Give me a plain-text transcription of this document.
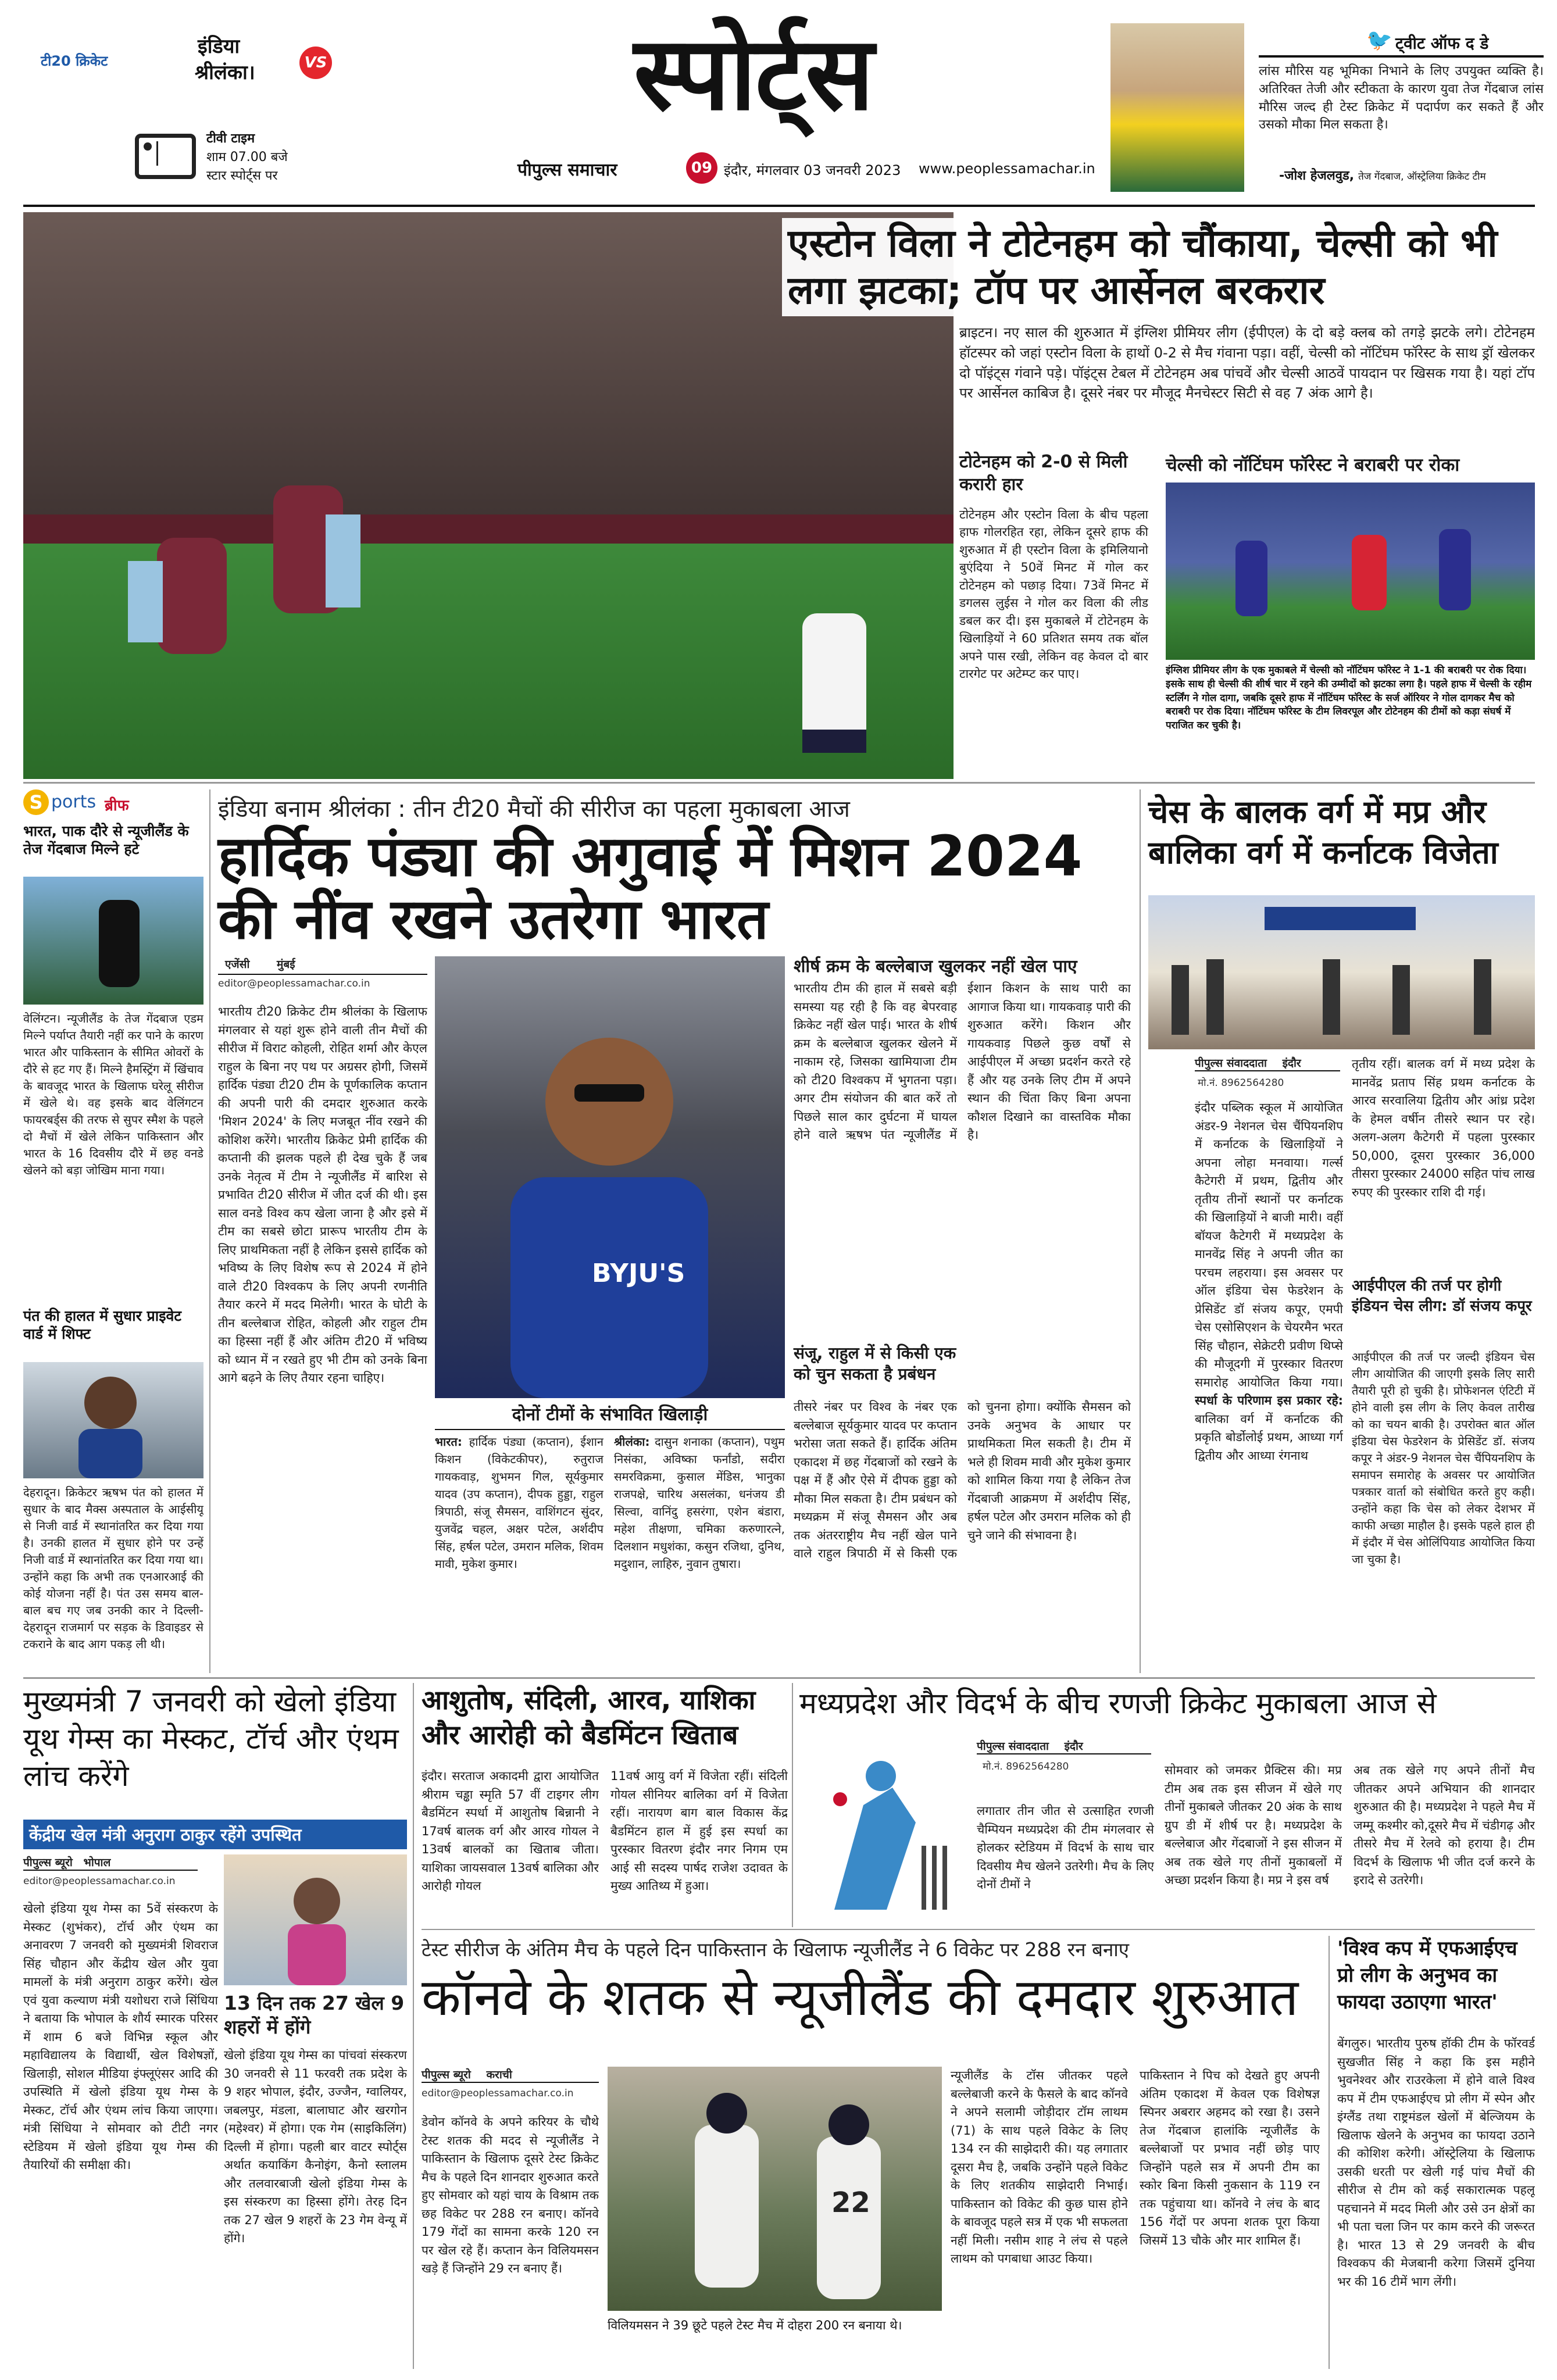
टी20 क्रिकेट
इंडिया
श्रीलंका।	VS
टीवी टाइम
शाम 07.00 बजे
स्टार स्पोर्ट्स पर
स्पोर्ट्स
पीपुल्स समाचार	09 इंदौर, मंगलवार 03 जनवरी 2023 www.peoplessamachar.in
🐦 ट्वीट ऑफ द डे
लांस मौरिस यह भूमिका निभाने के लिए उपयुक्त व्यक्ति है। अतिरिक्त तेजी और स्टीकता के कारण युवा तेज गेंदबाज लांस मौरिस जल्द ही टेस्ट क्रिकेट में पदार्पण कर सकते हैं और उसको मौका मिल सकता है।
-जोश हेजलवुड, तेज गेंदबाज, ऑस्ट्रेलिया क्रिकेट टीम
एस्टोन विला ने टोटेनहम को चौंकाया, चेल्सी को भी लगा झटका; टॉप पर आर्सेनल बरकरार
ब्राइटन। नए साल की शुरुआत में इंग्लिश प्रीमियर लीग (ईपीएल) के दो बड़े क्लब को तगड़े झटके लगे। टोटेनहम हॉटस्पर को जहां एस्टोन विला के हाथों 0-2 से मैच गंवाना पड़ा। वहीं, चेल्सी को नॉटिंघम फॉरेस्ट के साथ ड्रॉ खेलकर दो पॉइंट्स गंवाने पड़े। पॉइंट्स टेबल में टोटेनहम अब पांचवें और चेल्सी आठवें पायदान पर खिसक गया है। यहां टॉप पर आर्सेनल काबिज है। दूसरे नंबर पर मौजूद मैनचेस्टर सिटी से वह 7 अंक आगे है।
टोटेनहम को 2-0 से मिली करारी हार
टोटेनहम और एस्टोन विला के बीच पहला हाफ गोलरहित रहा, लेकिन दूसरे हाफ की शुरुआत में ही एस्टोन विला के इमिलियानो बुएंदिया ने 50वें मिनट में गोल कर टोटेनहम को पछाड़ दिया। 73वें मिनट में डगलस लुईस ने गोल कर विला की लीड डबल कर दी। इस मुकाबले में टोटेनहम के खिलाड़ियों ने 60 प्रतिशत समय तक बॉल अपने पास रखी, लेकिन वह केवल दो बार टारगेट पर अटेम्प्ट कर पाए।
चेल्सी को नॉटिंघम फॉरेस्ट ने बराबरी पर रोका
इंग्लिश प्रीमियर लीग के एक मुकाबले में चेल्सी को नॉटिंघम फॉरेस्ट ने 1-1 की बराबरी पर रोक दिया। इसके साथ ही चेल्सी की शीर्ष चार में रहने की उम्मीदों को झटका लगा है। पहले हाफ में चेल्सी के रहीम स्टर्लिंग ने गोल दागा, जबकि दूसरे हाफ में नॉटिंघम फॉरेस्ट के सर्ज ऑरियर ने गोल दागकर मैच को बराबरी पर रोक दिया। नॉटिंघम फॉरेस्ट के टीम लिवरपूल और टोटेनहम की टीमों को कड़ा संघर्ष में पराजित कर चुकी है।
S ports ब्रीफ
भारत, पाक दौरे से न्यूजीलैंड के तेज गेंदबाज मिल्ने हटे
वेलिंग्टन। न्यूजीलैंड के तेज गेंदबाज एडम मिल्ने पर्याप्त तैयारी नहीं कर पाने के कारण भारत और पाकिस्तान के सीमित ओवरों के दौरे से हट गए हैं। मिल्ने हैमस्ट्रिंग में खिंचाव के बावजूद भारत के खिलाफ घरेलू सीरीज में खेले थे। वह इसके बाद वेलिंगटन फायरबर्ड्स की तरफ से सुपर स्मैश के पहले दो मैचों में खेले लेकिन पाकिस्तान और भारत के 16 दिवसीय दौरे में छह वनडे खेलने को बड़ा जोखिम माना गया।
पंत की हालत में सुधार प्राइवेट वार्ड में शिफ्ट
देहरादून। क्रिकेटर ऋषभ पंत को हालत में सुधार के बाद मैक्स अस्पताल के आईसीयू से निजी वार्ड में स्थानांतरित कर दिया गया है। उनकी हालत में सुधार होने पर उन्हें निजी वार्ड में स्थानांतरित कर दिया गया था। उन्होंने कहा कि अभी तक एनआरआई की कोई योजना नहीं है। पंत उस समय बाल-बाल बच गए जब उनकी कार ने दिल्ली-देहरादून राजमार्ग पर सड़क के डिवाइडर से टकराने के बाद आग पकड़ ली थी।
इंडिया बनाम श्रीलंका : तीन टी20 मैचों की सीरीज का पहला मुकाबला आज
हार्दिक पंड्या की अगुवाई में मिशन 2024 की नींव रखने उतरेगा भारत
एजेंसी मुंबई
editor@peoplessamachar.co.in
भारतीय टी20 क्रिकेट टीम श्रीलंका के खिलाफ मंगलवार से यहां शुरू होने वाली तीन मैचों की सीरीज में विराट कोहली, रोहित शर्मा और केएल राहुल के बिना नए पथ पर अग्रसर होगी, जिसमें हार्दिक पंड्या टी20 टीम के पूर्णकालिक कप्तान की अपनी पारी की दमदार शुरुआत करके 'मिशन 2024' के लिए मजबूत नींव रखने की कोशिश करेंगे। भारतीय क्रिकेट प्रेमी हार्दिक की कप्तानी की झलक पहले ही देख चुके हैं जब उनके नेतृत्व में टीम ने न्यूजीलैंड में बारिश से प्रभावित टी20 सीरीज में जीत दर्ज की थी। इस साल वनडे विश्व कप खेला जाना है और इसे में टीम का सबसे छोटा प्रारूप भारतीय टीम के लिए प्राथमिकता नहीं है लेकिन इससे हार्दिक को भविष्य के लिए विशेष रूप से 2024 में होने वाले टी20 विश्वकप के लिए अपनी रणनीति तैयार करने में मदद मिलेगी। भारत के घोटी के तीन बल्लेबाज रोहित, कोहली और राहुल टीम का हिस्सा नहीं हैं और अंतिम टी20 में भविष्य को ध्यान में न रखते हुए भी टीम को उनके बिना आगे बढ़ने के लिए तैयार रहना चाहिए।
BYJU'S
दोनों टीमों के संभावित खिलाड़ी
भारत: हार्दिक पंड्या (कप्तान), ईशान किशन (विकेटकीपर), रुतुराज गायकवाड़, शुभमन गिल, सूर्यकुमार यादव (उप कप्तान), दीपक हुड्डा, राहुल त्रिपाठी, संजू सैमसन, वाशिंगटन सुंदर, युजवेंद्र चहल, अक्षर पटेल, अर्शदीप सिंह, हर्षल पटेल, उमरान मलिक, शिवम मावी, मुकेश कुमार।
श्रीलंका: दासुन शनाका (कप्तान), पथुम निसंका, अविष्का फर्नांडो, सदीरा समरविक्रमा, कुसाल मेंडिस, भानुका राजपक्षे, चारिथ असलंका, धनंजय डी सिल्वा, वानिंदु हसरंगा, एशेन बंडारा, महेश तीक्षणा, चमिका करुणारत्ने, दिलशान मधुशंका, कसुन रजिथा, दुनिथ, मदुशान, लाहिरु, नुवान तुषारा।
शीर्ष क्रम के बल्लेबाज खुलकर नहीं खेल पाए
भारतीय टीम की हाल में सबसे बड़ी समस्या यह रही है कि वह बेपरवाह क्रिकेट नहीं खेल पाई। भारत के शीर्ष क्रम के बल्लेबाज खुलकर खेलने में नाकाम रहे, जिसका खामियाजा टीम को टी20 विश्वकप में भुगतना पड़ा। अगर टीम संयोजन की बात करें तो पिछले साल कार दुर्घटना में घायल होने वाले ऋषभ पंत न्यूजीलैंड में ईशान किशन के साथ पारी का आगाज किया था। गायकवाड़ पारी की शुरुआत करेंगे। किशन और गायकवाड़ पिछले कुछ वर्षों से आईपीएल में अच्छा प्रदर्शन करते रहे हैं और यह उनके लिए टीम में अपने स्थान की चिंता किए बिना अपना कौशल दिखाने का वास्तविक मौका है।
संजू, राहुल में से किसी एक को चुन सकता है प्रबंधन
तीसरे नंबर पर विश्व के नंबर एक बल्लेबाज सूर्यकुमार यादव पर कप्तान भरोसा जता सकते हैं। हार्दिक अंतिम एकादश में छह गेंदबाजों को रखने के पक्ष में हैं और ऐसे में दीपक हुड्डा को मौका मिल सकता है। टीम प्रबंधन को मध्यक्रम में संजू सैमसन और अब तक अंतरराष्ट्रीय मैच नहीं खेल पाने वाले राहुल त्रिपाठी में से किसी एक को चुनना होगा। क्योंकि सैमसन को उनके अनुभव के आधार पर प्राथमिकता मिल सकती है। टीम में भले ही शिवम मावी और मुकेश कुमार को शामिल किया गया है लेकिन तेज गेंदबाजी आक्रमण में अर्शदीप सिंह, हर्षल पटेल और उमरान मलिक को ही चुने जाने की संभावना है।
चेस के बालक वर्ग में मप्र और बालिका वर्ग में कर्नाटक विजेता
पीपुल्स संवाददाता इंदौर
मो.नं. 8962564280
तृतीय रहीं। बालक वर्ग में मध्य प्रदेश के मानवेंद्र प्रताप सिंह प्रथम कर्नाटक के आरव सरवालिया द्वितीय और आंध्र प्रदेश के हेमल वर्षीन तीसरे स्थान पर रहे। अलग-अलग कैटेगरी में पहला पुरस्कार 50,000, दूसरा पुरस्कार 36,000 तीसरा पुरस्कार 24000 सहित पांच लाख रुपए की पुरस्कार राशि दी गई।
इंदौर पब्लिक स्कूल में आयोजित अंडर-9 नेशनल चेस चैंपियनशिप में कर्नाटक के खिलाड़ियों ने अपना लोहा मनवाया। गर्ल्स कैटेगरी में प्रथम, द्वितीय और तृतीय तीनों स्थानों पर कर्नाटक की खिलाड़ियों ने बाजी मारी। वहीं बॉयज कैटेगरी में मध्यप्रदेश के मानवेंद्र सिंह ने अपनी जीत का परचम लहराया। इस अवसर पर ऑल इंडिया चेस फेडरेशन के प्रेसिडेंट डॉ संजय कपूर, एमपी चेस एसोसिएशन के चेयरमैन भरत सिंह चौहान, सेक्रेटरी प्रवीण थिप्से की मौजूदगी में पुरस्कार वितरण समारोह आयोजित किया गया। स्पर्धा के परिणाम इस प्रकार रहे: बालिका वर्ग में कर्नाटक की प्रकृति बोर्डोलोई प्रथम, आध्या गर्ग द्वितीय और आध्या रंगनाथ
आईपीएल की तर्ज पर होगी इंडियन चेस लीग: डॉ संजय कपूर
आईपीएल की तर्ज पर जल्दी इंडियन चेस लीग आयोजित की जाएगी इसके लिए सारी तैयारी पूरी हो चुकी है। प्रोफेशनल एंटिटी में होने वाली इस लीग के लिए केवल तारीख को का चयन बाकी है। उपरोक्त बात ऑल इंडिया चेस फेडरेशन के प्रेसिडेंट डॉ. संजय कपूर ने अंडर-9 नेशनल चेस चैंपियनशिप के समापन समारोह के अवसर पर आयोजित पत्रकार वार्ता को संबोधित करते हुए कही। उन्होंने कहा कि चेस को लेकर देशभर में काफी अच्छा माहौल है। इसके पहले हाल ही में इंदौर में चेस ओलिंपियाड आयोजित किया जा चुका है।
मुख्यमंत्री 7 जनवरी को खेलो इंडिया यूथ गेम्स का मेस्कट, टॉर्च और एंथम लांच करेंगे
केंद्रीय खेल मंत्री अनुराग ठाकुर रहेंगे उपस्थित
पीपुल्स ब्यूरो भोपाल
editor@peoplessamachar.co.in
खेलो इंडिया यूथ गेम्स का 5वें संस्करण के मेस्कट (शुभंकर), टॉर्च और एंथम का अनावरण 7 जनवरी को मुख्यमंत्री शिवराज सिंह चौहान और केंद्रीय खेल और युवा मामलों के मंत्री अनुराग ठाकुर करेंगे। खेल एवं युवा कल्याण मंत्री यशोधरा राजे सिंधिया ने बताया कि भोपाल के शौर्य स्मारक परिसर में शाम 6 बजे विभिन्न स्कूल और महाविद्यालय के विद्यार्थी, खेल विशेषज्ञों, खिलाड़ी, सोशल मीडिया इंफ्लूएंसर आदि की उपस्थिति में खेलो इंडिया यूथ गेम्स के मेस्कट, टॉर्च और एंथम लांच किया जाएगा। मंत्री सिंधिया ने सोमवार को टीटी नगर स्टेडियम में खेलो इंडिया यूथ गेम्स की तैयारियों की समीक्षा की।
13 दिन तक 27 खेल 9 शहरों में होंगे
खेलो इंडिया यूथ गेम्स का पांचवां संस्करण 30 जनवरी से 11 फरवरी तक प्रदेश के 9 शहर भोपाल, इंदौर, उज्जैन, ग्वालियर, जबलपुर, मंडला, बालाघाट और खरगोन (महेश्वर) में होगा। एक गेम (साइकिलिंग) दिल्ली में होगा। पहली बार वाटर स्पोर्ट्स अर्थात कयाकिंग कैनोइंग, कैनो स्लालम और तलवारबाजी खेलो इंडिया गेम्स के इस संस्करण का हिस्सा होंगे। तेरह दिन तक 27 खेल 9 शहरों के 23 गेम वेन्यू में होंगे।
आशुतोष, संदिली, आरव, याशिका और आरोही को बैडमिंटन खिताब
इंदौर। सरताज अकादमी द्वारा आयोजित श्रीराम चड्ढा स्मृति 57 वीं टाइगर लीग बैडमिंटन स्पर्धा में आशुतोष बिन्नानी ने 17वर्ष बालक वर्ग और आरव गोयल ने 13वर्ष बालकों का खिताब जीता। याशिका जायसवाल 13वर्ष बालिका और आरोही गोयल
11वर्ष आयु वर्ग में विजेता रहीं। संदिली गोयल सीनियर बालिका वर्ग में विजेता रहीं। नारायण बाग बाल विकास केंद्र बैडमिंटन हाल में हुई इस स्पर्धा का पुरस्कार वितरण इंदौर नगर निगम एम आई सी सदस्य पार्षद राजेश उदावत के मुख्य आतिथ्य में हुआ।
मध्यप्रदेश और विदर्भ के बीच रणजी क्रिकेट मुकाबला आज से
पीपुल्स संवाददाता इंदौर
मो.नं. 8962564280
लगातार तीन जीत से उत्साहित रणजी चैम्पियन मध्यप्रदेश की टीम मंगलवार से होलकर स्टेडियम में विदर्भ के साथ चार दिवसीय मैच खेलने उतरेगी। मैच के लिए दोनों टीमों ने
सोमवार को जमकर प्रैक्टिस की। मप्र टीम अब तक इस सीजन में खेले गए तीनों मुकाबले जीतकर 20 अंक के साथ ग्रुप डी में शीर्ष पर है। मध्यप्रदेश के बल्लेबाज और गेंदबाजों ने इस सीजन में अब तक खेले गए तीनों मुकाबलों में अच्छा प्रदर्शन किया है। मप्र ने इस वर्ष
अब तक खेले गए अपने तीनों मैच जीतकर अपने अभियान की शानदार शुरुआत की है। मध्यप्रदेश ने पहले मैच में जम्मू कश्मीर को,दूसरे मैच में चंडीगढ़ और तीसरे मैच में रेलवे को हराया है। टीम विदर्भ के खिलाफ भी जीत दर्ज करने के इरादे से उतरेगी।
टेस्ट सीरीज के अंतिम मैच के पहले दिन पाकिस्तान के खिलाफ न्यूजीलैंड ने 6 विकेट पर 288 रन बनाए
कॉनवे के शतक से न्यूजीलैंड की दमदार शुरुआत
पीपुल्स ब्यूरो कराची
editor@peoplessamachar.co.in
डेवोन कॉनवे के अपने करियर के चौथे टेस्ट शतक की मदद से न्यूजीलैंड ने पाकिस्तान के खिलाफ दूसरे टेस्ट क्रिकेट मैच के पहले दिन शानदार शुरुआत करते हुए सोमवार को यहां चाय के विश्राम तक छह विकेट पर 288 रन बनाए। कॉनवे 179 गेंदों का सामना करके 120 रन पर खेल रहे हैं। कप्तान केन विलियमसन खड़े हैं जिन्होंने 29 रन बनाए हैं।
22
विलियमसन ने 39 छूटे पहले टेस्ट मैच में दोहरा 200 रन बनाया थे।
न्यूजीलैंड के टॉस जीतकर पहले बल्लेबाजी करने के फैसले के बाद कॉनवे ने अपने सलामी जोड़ीदार टॉम लाथम (71) के साथ पहले विकेट के लिए 134 रन की साझेदारी की। यह लगातार दूसरा मैच है, जबकि उन्होंने पहले विकेट के लिए शतकीय साझेदारी निभाई। पाकिस्तान को विकेट की कुछ घास होने के बावजूद पहले सत्र में एक भी सफलता नहीं मिली। नसीम शाह ने लंच से पहले लाथम को पगबाधा आउट किया।
पाकिस्तान ने पिच को देखते हुए अपनी अंतिम एकादश में केवल एक विशेषज्ञ स्पिनर अबरार अहमद को रखा है। उसने तेज गेंदबाज हालांकि न्यूजीलैंड के बल्लेबाजों पर प्रभाव नहीं छोड़ पाए जिन्होंने पहले सत्र में अपनी टीम का स्कोर बिना किसी नुकसान के 119 रन तक पहुंचाया था। कॉनवे ने लंच के बाद 156 गेंदों पर अपना शतक पूरा किया जिसमें 13 चौके और मार शामिल हैं।
'विश्व कप में एफआईएच प्रो लीग के अनुभव का फायदा उठाएगा भारत'
बेंगलुरु। भारतीय पुरुष हॉकी टीम के फॉरवर्ड सुखजीत सिंह ने कहा कि इस महीने भुवनेश्वर और राउरकेला में होने वाले विश्व कप में टीम एफआईएच प्रो लीग में स्पेन और इंग्लैंड तथा राष्ट्रमंडल खेलों में बेल्जियम के खिलाफ खेलने के अनुभव का फायदा उठाने की कोशिश करेगी। ऑस्ट्रेलिया के खिलाफ उसकी धरती पर खेली गई पांच मैचों की सीरीज से टीम को कई सकारात्मक पहलू पहचानने में मदद मिली और उसे उन क्षेत्रों का भी पता चला जिन पर काम करने की जरूरत है। भारत 13 से 29 जनवरी के बीच विश्वकप की मेजबानी करेगा जिसमें दुनिया भर की 16 टीमें भाग लेंगी।
